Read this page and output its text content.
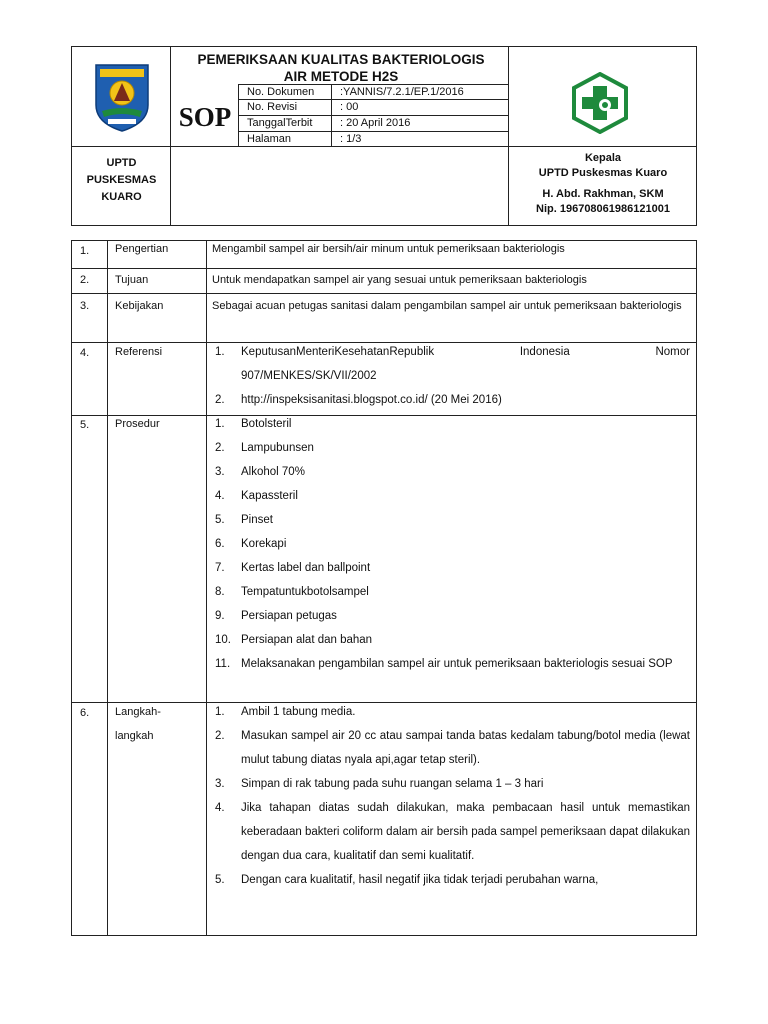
PEMERIKSAAN KUALITAS BAKTERIOLOGIS
AIR METODE H2S
SOP
No. Dokumen :YANNIS/7.2.1/EP.1/2016
No. Revisi	: 00
TanggalTerbit	: 20 April 2016
Halaman	: 1/3
UPTD
PUSKESMAS
KUARO
Kepala
UPTD Puskesmas Kuaro
H. Abd. Rakhman, SKM
Nip. 196708061986121001
1. Pengertian	Mengambil sampel air bersih/air minum untuk pemeriksaan bakteriologis
2. Tujuan	Untuk mendapatkan sampel air yang sesuai untuk pemeriksaan bakteriologis
3. Kebijakan	Sebagai acuan petugas sanitasi dalam pengambilan sampel air untuk pemeriksaan bakteriologis
4. Referensi	1. KeputusanMenteriKesehatanRepublik	Indonesia	Nomor
907/MENKES/SK/VII/2002
2. http://inspeksisanitasi.blogspot.co.id/ (20 Mei 2016)
5. Prosedur	1. Botolsteril
2. Lampubunsen
3. Alkohol 70%
4. Kapassteril
5. Pinset
6. Korekapi
7. Kertas label dan ballpoint
8. Tempatuntukbotolsampel
9. Persiapan petugas
10. Persiapan alat dan bahan
11. Melaksanakan pengambilan sampel air untuk pemeriksaan bakteriologis sesuai SOP
6. Langkah-
langkah
1. Ambil 1 tabung media.
2. Masukan sampel air 20 cc atau sampai tanda batas kedalam tabung/botol media (lewat mulut tabung diatas nyala api,agar tetap steril).
3. Simpan di rak tabung pada suhu ruangan selama 1 – 3 hari
4. Jika tahapan diatas sudah dilakukan, maka pembacaan hasil untuk memastikan keberadaan bakteri coliform dalam air bersih pada sampel pemeriksaan dapat dilakukan dengan dua cara, kualitatif dan semi kualitatif.
5. Dengan cara kualitatif, hasil negatif jika tidak terjadi perubahan warna,
